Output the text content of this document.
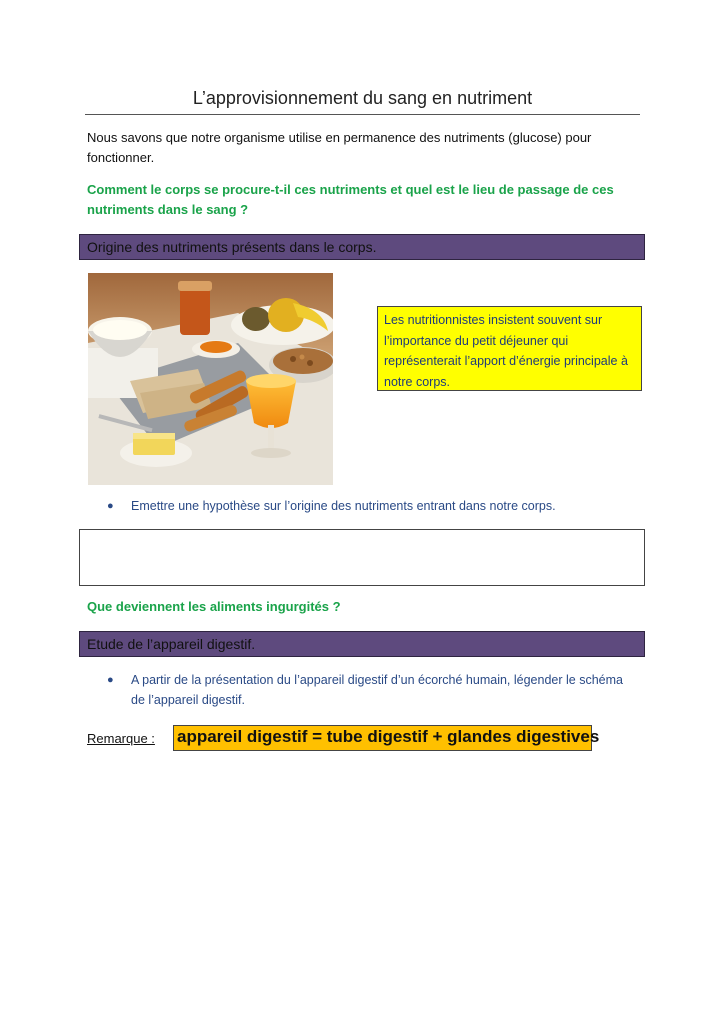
L’approvisionnement du sang en nutriment
Nous savons que notre organisme utilise en permanence des nutriments (glucose) pour fonctionner.
Comment le corps se procure-t-il ces nutriments et quel est le lieu de passage de ces nutriments dans le sang ?
Origine des nutriments présents dans le corps.
Les nutritionnistes insistent souvent sur l’importance du petit déjeuner qui représenterait l’apport d’énergie principale à notre corps.
● Emettre une hypothèse sur l’origine des nutriments entrant dans notre corps.
Que deviennent les aliments ingurgités ?
Etude de l’appareil digestif.
● A partir de la présentation du l’appareil digestif d’un écorché humain, légender le schéma de l’appareil digestif.
Remarque : appareil digestif = tube digestif + glandes digestives
